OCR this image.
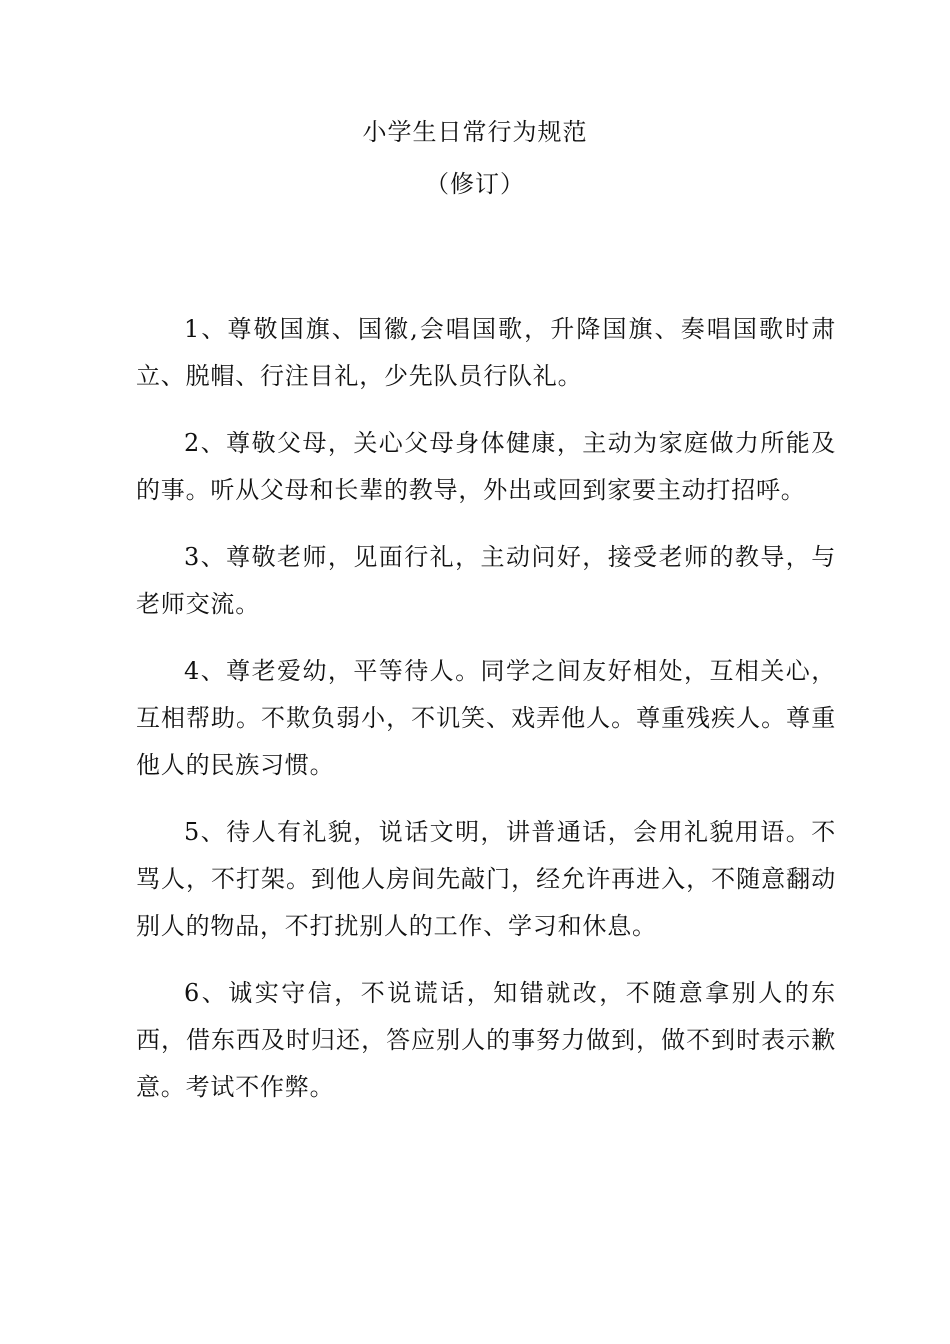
小学生日常行为规范
（修订）

1、尊敬国旗、国徽,会唱国歌，升降国旗、奏唱国歌时肃立、脱帽、行注目礼，少先队员行队礼。

2、尊敬父母，关心父母身体健康，主动为家庭做力所能及的事。听从父母和长辈的教导，外出或回到家要主动打招呼。

3、尊敬老师，见面行礼，主动问好，接受老师的教导，与老师交流。

4、尊老爱幼，平等待人。同学之间友好相处，互相关心，互相帮助。不欺负弱小，不讥笑、戏弄他人。尊重残疾人。尊重他人的民族习惯。

5、待人有礼貌，说话文明，讲普通话，会用礼貌用语。不骂人，不打架。到他人房间先敲门，经允许再进入，不随意翻动别人的物品，不打扰别人的工作、学习和休息。

6、诚实守信，不说谎话，知错就改，不随意拿别人的东西，借东西及时归还，答应别人的事努力做到，做不到时表示歉意。考试不作弊。
